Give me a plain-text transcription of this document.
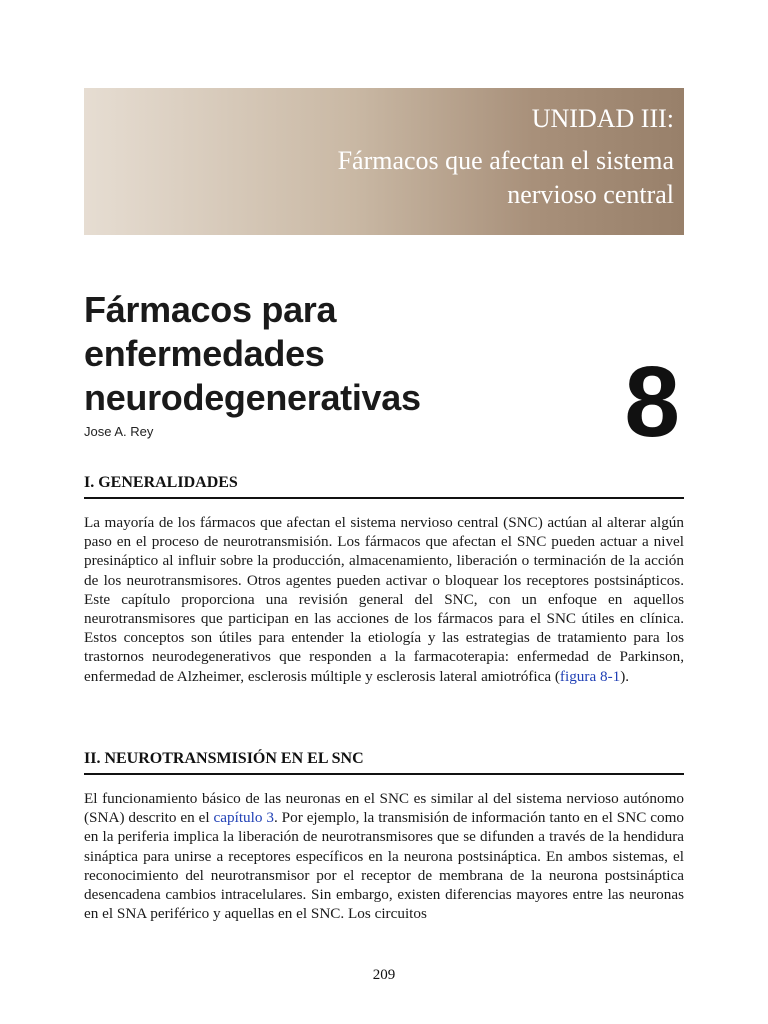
UNIDAD III:

Fármacos que afectan el sistema
nervioso central

Fármacos para
enfermedades
neurodegenerativas
Jose A. Rey	8
I. GENERALIDADES

La mayoría de los fármacos que afectan el sistema nervioso central (SNC) actúan al alterar algún paso en el proceso de neurotransmisión. Los fármacos que afectan el SNC pueden actuar a nivel presináptico al influir sobre la producción, almacenamiento, liberación o terminación de la acción de los neurotransmisores. Otros agentes pueden activar o bloquear los receptores postsinápticos. Este capítulo proporciona una revisión general del SNC, con un enfoque en aquellos neurotransmisores que participan en las acciones de los fármacos para el SNC útiles en clínica. Estos conceptos son útiles para entender la etiología y las estrategias de tratamiento para los trastornos neurodegenerativos que responden a la farmacoterapia: enfermedad de Parkinson, enfermedad de Alzheimer, esclerosis múltiple y esclerosis lateral amiotrófica (figura 8-1).

II. NEUROTRANSMISIÓN EN EL SNC

El funcionamiento básico de las neuronas en el SNC es similar al del sistema nervioso autónomo (SNA) descrito en el capítulo 3. Por ejemplo, la transmisión de información tanto en el SNC como en la periferia implica la liberación de neurotransmisores que se difunden a través de la hendidura sináptica para unirse a receptores específicos en la neurona postsináptica. En ambos sistemas, el reconocimiento del neurotransmisor por el receptor de membrana de la neurona postsináptica desencadena cambios intracelulares. Sin embargo, existen diferencias mayores entre las neuronas en el SNA periférico y aquellas en el SNC. Los circuitos

209
